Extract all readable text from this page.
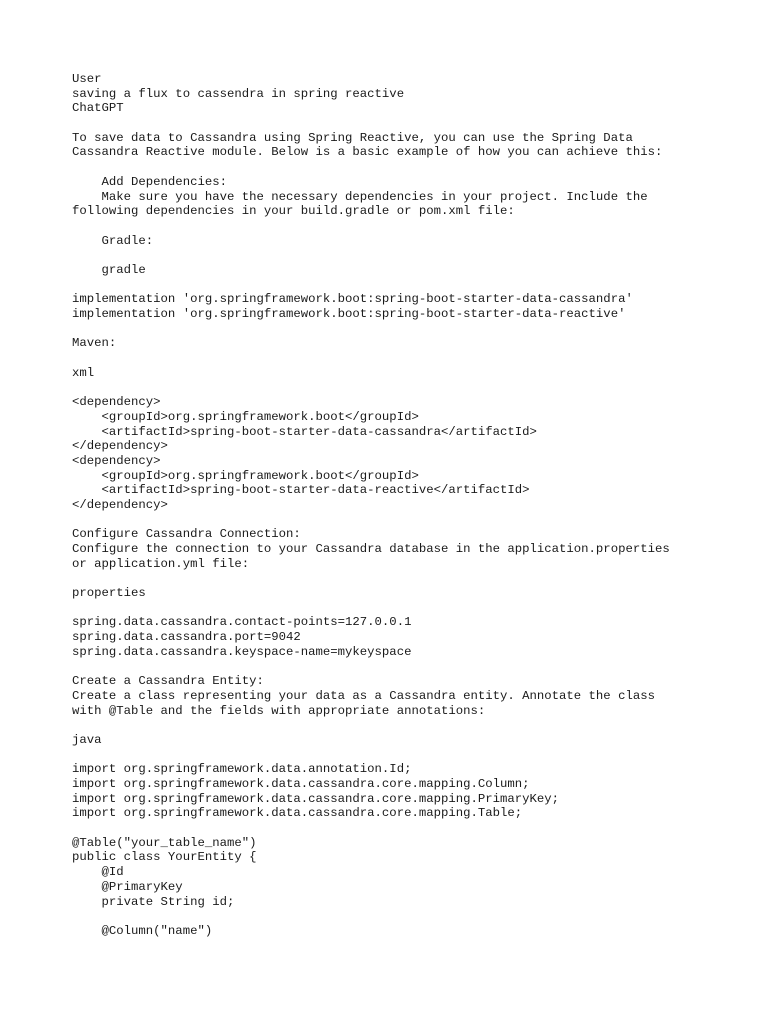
User
saving a flux to cassendra in spring reactive
ChatGPT
To save data to Cassandra using Spring Reactive, you can use the Spring Data
Cassandra Reactive module. Below is a basic example of how you can achieve this:
Add Dependencies:
Make sure you have the necessary dependencies in your project. Include the
following dependencies in your build.gradle or pom.xml file:
Gradle:
gradle
implementation 'org.springframework.boot:spring-boot-starter-data-cassandra'
implementation 'org.springframework.boot:spring-boot-starter-data-reactive'
Maven:
xml
<dependency>
<groupId>org.springframework.boot</groupId>
<artifactId>spring-boot-starter-data-cassandra</artifactId>
</dependency>
<dependency>
<groupId>org.springframework.boot</groupId>
<artifactId>spring-boot-starter-data-reactive</artifactId>
</dependency>
Configure Cassandra Connection:
Configure the connection to your Cassandra database in the application.properties
or application.yml file:
properties
spring.data.cassandra.contact-points=127.0.0.1
spring.data.cassandra.port=9042
spring.data.cassandra.keyspace-name=mykeyspace
Create a Cassandra Entity:
Create a class representing your data as a Cassandra entity. Annotate the class
with @Table and the fields with appropriate annotations:
java
import org.springframework.data.annotation.Id;
import org.springframework.data.cassandra.core.mapping.Column;
import org.springframework.data.cassandra.core.mapping.PrimaryKey;
import org.springframework.data.cassandra.core.mapping.Table;
@Table("your_table_name")
public class YourEntity {
@Id
@PrimaryKey
private String id;
@Column("name")
